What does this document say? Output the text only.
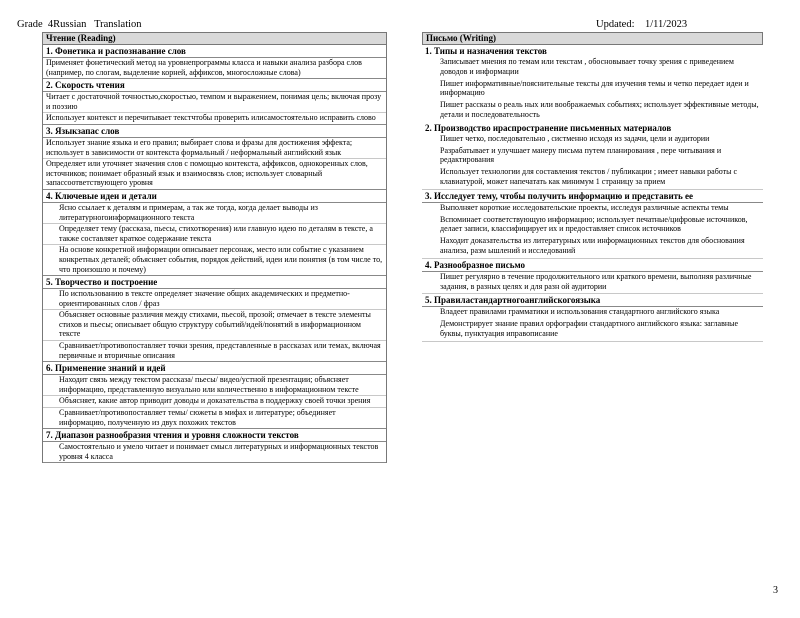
Grade  4Russian   Translation	Updated:    1/11/2023
Чтение (Reading)
1. Фонетика и распознавание слов
Применяет фонетический метод на уровнепрограммы класса и навыки анализа разбора слов (например, по слогам, выделение корней, аффиксов, многосложные слова)
2. Скорость чтения
Читает с достаточной точностью,скоростью, темпом и выражением, понимая цель; включая прозу и поэзию
Использует контекст и перечитывает текстчтобы проверить илисамостоятельно исправить слово
3. Языкзапас слов
Использует знание языка и его правил; выбирает слова и фразы для достижения эффекта; использует в зависимости от контекста формальный / неформальный английский язык
Определяет или уточняет значения слов с помощью контекста, аффиксов, однокоренных слов, источников; понимает образный язык и взаимосвязь слов; использует словарный запассоответствующего уровня
4. Ключевые идеи и детали
Ясно ссылает к деталям и примерам, а так же тогда, когда делает выводы из литературногоинформационного текста
Определяет тему (рассказа, пьесы, стихотворения) или главную идею по деталям в тексте, а также составляет краткое содержание текста
На основе конкретной информации описывает персонаж, место или событие с указанием конкретных деталей; объясняет события, порядок действий, идеи или понятия (в том числе то, что произошло и почему)
5. Творчество и построение
По использованию в тексте определяет значение общих академических и предметно-ориентированных слов / фраз
Объясняет основные различия между стихами, пьесой, прозой; отмечает в тексте элементы стихов и пьесы; описывает общую структуру событий/идей/понятий в информационном тексте
Сравнивает/противопоставляет точки зрения, представленные в рассказах или темах, включая первичные и вторичные описания
6. Применение знаний и идей
Находит связь между текстом рассказа/ пьесы/ видео/устной презентации; объясняет информацию, представленную визуально или количественно в информационном тексте
Объясняет, какие автор приводит доводы и доказательства в поддержку своей точки зрения
Сравнивает/противопоставляет темы/ сюжеты в мифах и литературе; объединяет информацию, полученную из двух похожих текстов
7. Диапазон разнообразия чтения и уровня сложности текстов
Самостоятельно и умело читает и понимает смысл литературных и информационных текстов уровня 4 класса
Письмо (Writing)
1. Типы и назначения текстов
Записывает мнения по темам или текстам , обосновывает точку зрения с приведением доводов и информации
Пишет информативные/пояснительные тексты для изучения темы и четко передает идеи и информацию
Пишет рассказы о реаль ных или воображаемых событиях; использует эффективные методы, детали и последовательность
2. Производство ираспространение письменных материалов
Пишет четко, последовательно , систменно исходя из задачи, цели и аудитории
Разрабатывает и улучшает манеру письма путем планирования , пере читывания и редактирования
Использует технологии для составления текстов / публикации ; имеет навыки работы с клавиатурой, может напечатать как минимум 1 страницу за прием
3. Исследует тему, чтобы получить информацию и представить ее
Выполняет короткие исследовательские проекты, исследуя различные аспекты темы
Вспоминает соответствующую информацию; использует печатные/цифровые источников, делает записи, классифицирует их и предоставляет список источников
Находит доказательства из литературных или информационных текстов для обоснования анализа, разм ышлений и исследований
4. Разнообразное письмо
Пишет регулярно в течение продолжительного или краткого времени, выполняя различные задания, в разных целях и для разн ой аудитории
5. Правилаcтандартногоанглийскогоязыка
Владеет правилами грамматики и использования стандартного английского языка
Демонстрирует знание правил орфографии стандартного английского языка: заглавные буквы, пунктуация иправописание
3
